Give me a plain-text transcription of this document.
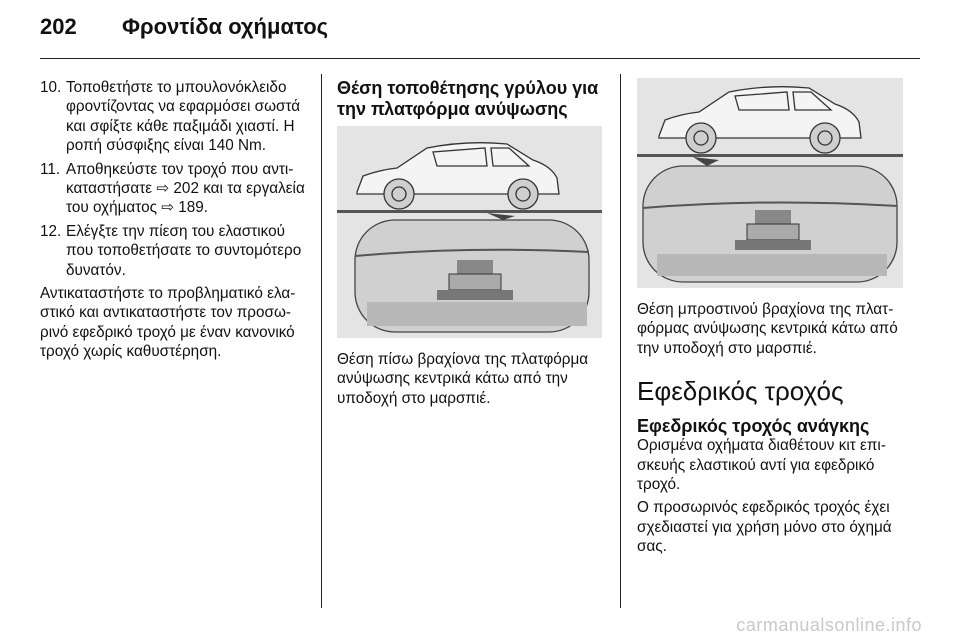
202 Φροντίδα οχήματος
10. Τοποθετήστε το μπουλονόκλειδο φροντίζοντας να εφαρμόσει σωστά και σφίξτε κάθε παξιμάδι χιαστί. Η ροπή σύσφιξης είναι 140 Nm.
11. Αποθηκεύστε τον τροχό που αντικαταστήσατε ⇨ 202 και τα εργαλεία του οχήματος ⇨ 189.
12. Ελέγξτε την πίεση του ελαστικού που τοποθετήσατε το συντομότερο δυνατόν.
Αντικαταστήστε το προβληματικό ελαστικό και αντικαταστήστε τον προσωρινό εφεδρικό τροχό με έναν κανονικό τροχό χωρίς καθυστέρηση.
Θέση τοποθέτησης γρύλου για την πλατφόρμα ανύψωσης
Θέση πίσω βραχίονα της πλατφόρμα ανύψωσης κεντρικά κάτω από την υποδοχή στο μαρσπιέ.
Θέση μπροστινού βραχίονα της πλατφόρμας ανύψωσης κεντρικά κάτω από την υποδοχή στο μαρσπιέ.
Εφεδρικός τροχός
Εφεδρικός τροχός ανάγκης
Ορισμένα οχήματα διαθέτουν κιτ επισκευής ελαστικού αντί για εφεδρικό τροχό.
Ο προσωρινός εφεδρικός τροχός έχει σχεδιαστεί για χρήση μόνο στο όχημά σας.
carmanualsonline.info
